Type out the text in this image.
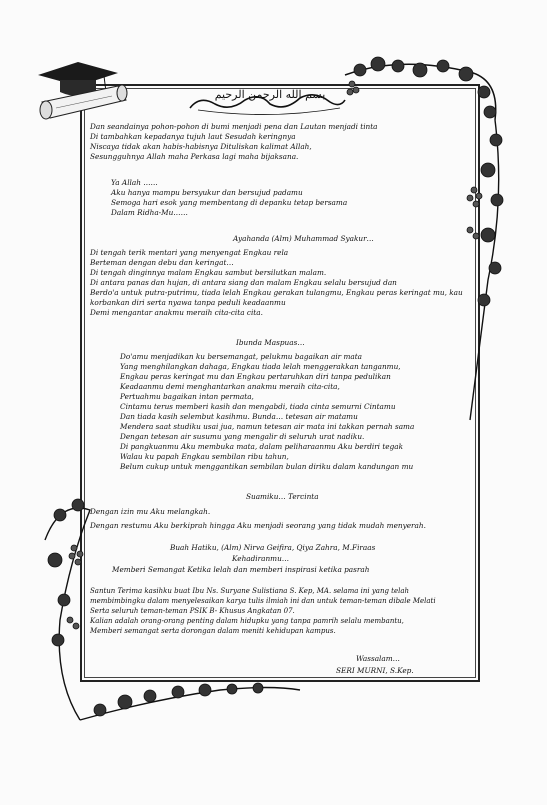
بسم الله الرحمن الرحيم
Dan seandainya pohon-pohon di bumi menjadi pena dan Lautan menjadi tinta
Di tambahkan kepadanya tujuh laut Sesudah keringnya
Niscaya tidak akan habis-habisnya Dituliskan kalimat Allah,
Sesungguhnya Allah maha Perkasa lagi maha bijaksana.
Ya Allah ……
Aku hanya mampu bersyukur dan bersujud padamu
Semoga hari esok yang membentang di depanku tetap bersama
Dalam Ridha-Mu……
Ayahanda (Alm) Muhammad Syakur…
Di tengah terik mentari yang menyengat Engkau rela
Berteman dengan debu dan keringat…
Di tengah dinginnya malam Engkau sambut bersilutkan malam.
Di antara panas dan hujan, di antara siang dan malam Engkau selalu bersujud dan
Berdo'a untuk putra-putrimu, tiada lelah Engkau gerakan tulangmu, Engkau peras keringat mu, kau
korbankan diri serta nyawa tanpa peduli keadaanmu
Demi mengantar anakmu meraih cita-cita cita.
Ibunda Maspuas…
Do'amu menjadikan ku bersemangat, pelukmu bagaikan air mata
Yang menghilangkan dahaga, Engkau tiada lelah menggerakkan tanganmu,
Engkau peras keringat mu dan Engkau pertaruhkan diri tanpa pedulikan
Keadaanmu demi menghantarkan anakmu meraih cita-cita,
Pertuahmu bagaikan intan permata,
Cintamu terus memberi kasih dan mengabdi, tiada cinta semurni Cintamu
Dan tiada kasih selembut kasihmu. Bunda… tetesan air matamu
Mendera saat studiku usai jua, namun tetesan air mata ini takkan pernah sama
Dengan tetesan air susumu yang mengalir di seluruh urat nadiku.
Di pangkuanmu Aku membuka mata, dalam peliharaanmu Aku berdiri tegak
Walau ku papah Engkau sembilan ribu tahun,
Belum cukup untuk menggantikan sembilan bulan diriku dalam kandungan mu
Suamiku… Tercinta
Dengan izin mu Aku melangkah.
Dengan restumu Aku berkiprah hingga Aku menjadi seorang yang tidak mudah menyerah.
Buah Hatiku, (Alm) Nirva Geifira, Qiya Zahra, M.Firaas
Kehadiranmu…
Memberi Semangat Ketika lelah dan memberi inspirasi ketika pasrah
Santun Terima kasihku buat Ibu Ns. Suryane Sulistiana S. Kep, MA. selama ini yang telah
membimbingku dalam menyelesaikan karya tulis ilmiah ini dan untuk teman-teman dibale Melati
Serta seluruh teman-teman PSIK B- Khusus Angkatan 07.
Kalian adalah orang-orang penting dalam hidupku yang tanpa pamrih selalu membantu,
Memberi semangat serta dorongan dalam meniti kehidupan kampus.
Wassalam…
SERI MURNI, S.Kep.
